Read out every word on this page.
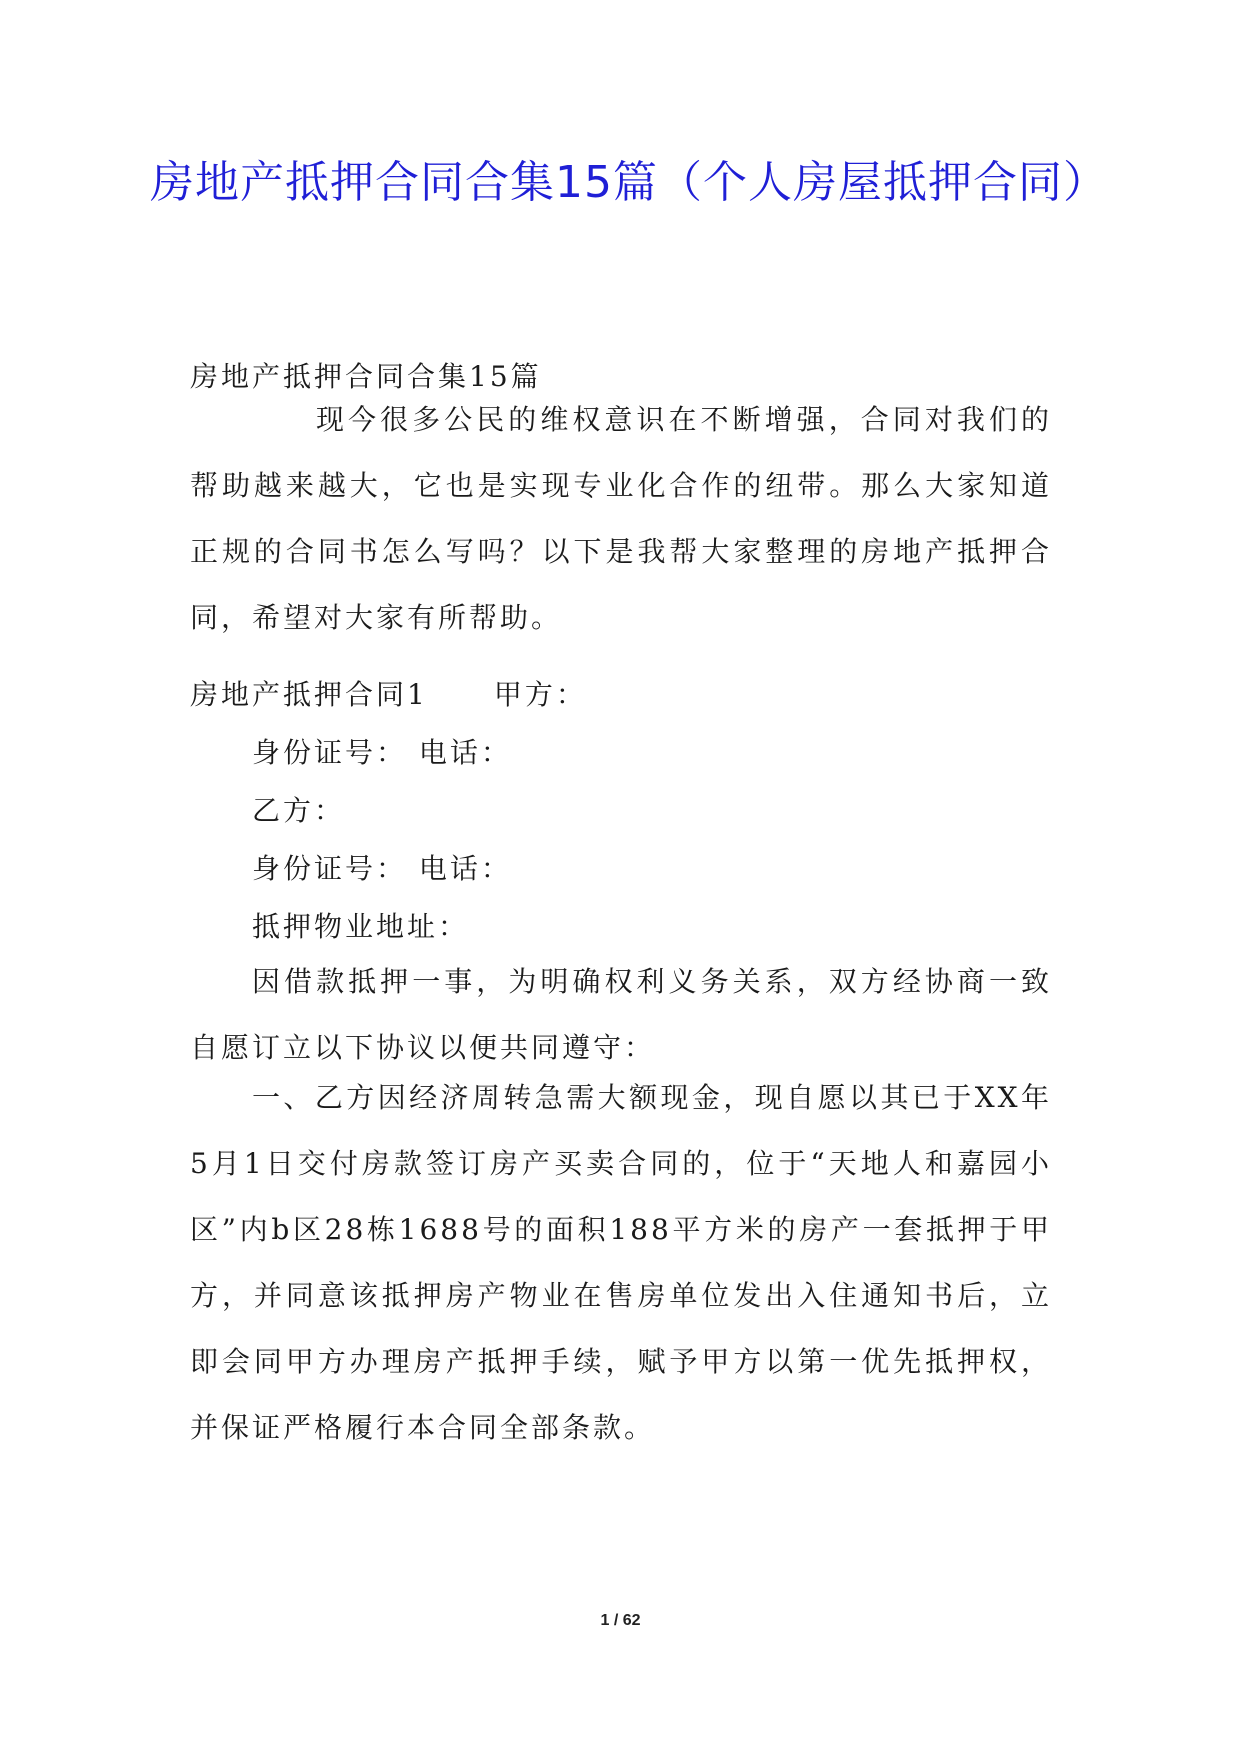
房地产抵押合同合集15篇（个人房屋抵押合同）
房地产抵押合同合集15篇

现今很多公民的维权意识在不断增强，合同对我们的帮助越来越大，它也是实现专业化合作的纽带。那么大家知道正规的合同书怎么写吗？以下是我帮大家整理的房地产抵押合同，希望对大家有所帮助。

房地产抵押合同1 甲方：
身份证号： 电话：
乙方：
身份证号： 电话：
抵押物业地址：

因借款抵押一事，为明确权利义务关系，双方经协商一致自愿订立以下协议以便共同遵守：

一、乙方因经济周转急需大额现金，现自愿以其已于XX年5月1日交付房款签订房产买卖合同的，位于“天地人和嘉园小区”内b区28栋1688号的面积188平方米的房产一套抵押于甲方，并同意该抵押房产物业在售房单位发出入住通知书后，立即会同甲方办理房产抵押手续，赋予甲方以第一优先抵押权，并保证严格履行本合同全部条款。

1 / 62
